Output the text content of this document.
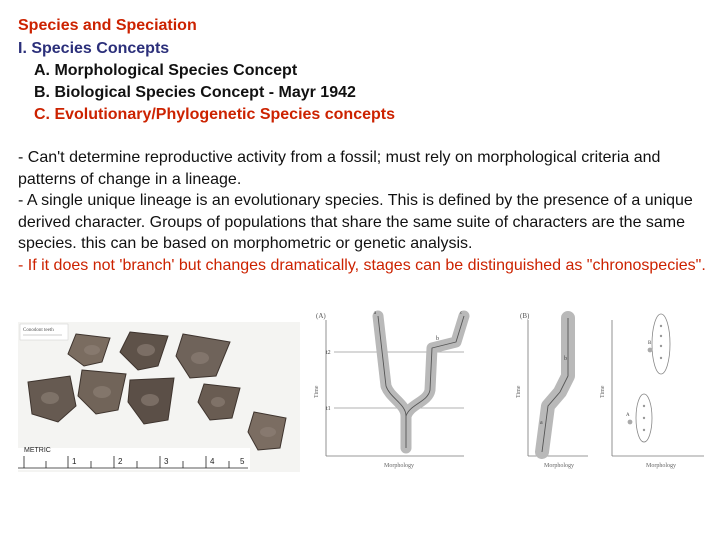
Species and Speciation
I. Species Concepts
A. Morphological Species Concept
B. Biological Species Concept - Mayr 1942
C. Evolutionary/Phylogenetic Species concepts

- Can't determine reproductive activity from a fossil; must rely on morphological criteria and patterns of change in a lineage.

- A single unique lineage is an evolutionary species. This is defined by the presence of a unique derived character. Groups of populations that share the same suite of characters are the same species. this can be based on morphometric or genetic analysis.

- If it does not 'branch' but changes dramatically, stages can be distinguished as "chronospecies".

Conodont teeth
METRIC
1	2	3	4	5
(A)
Time
Morphology
t2
t1
a
b
c	(B)
Time
Morphology
a
b
Time
Morphology
B
A
